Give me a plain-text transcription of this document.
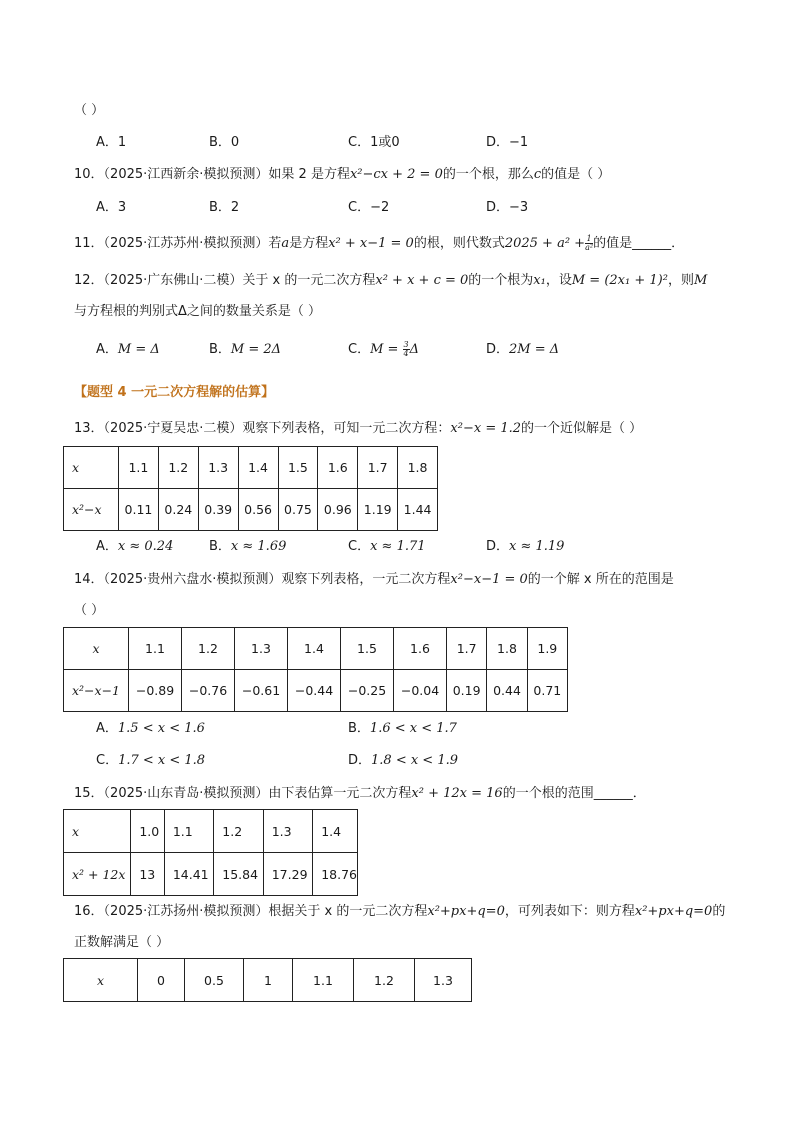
（ ）
A．1	B．0	C．1或0	D．−1
10．（2025·江西新余·模拟预测）如果 2 是方程x²−cx + 2 = 0的一个根，那么c的值是（ ）
A．3	B．2	C．−2	D．−3
11．（2025·江苏苏州·模拟预测）若a是方程x² + x−1 = 0的根，则代数式$2025 + a^2 + \frac{1}{\text{a²}}$ 的值是______．
12．（2025·广东佛山·二模）关于 x 的一元二次方程x² + x + c = 0的一个根为x₁，设M = (2x₁ + 1)²，则M
与方程根的判别式Δ之间的数量关系是（ ）
A．M = Δ	B．M = 2Δ	C．$M = \frac{3}{4}$ Δ	D．2M = Δ
【题型 4 一元二次方程解的估算】
13．（2025·宁夏吴忠·二模）观察下列表格，可知一元二次方程：x²−x = 1.2的一个近似解是（ ）
x	1.1	1.2	1.3	1.4	1.5	1.6	1.7	1.8
x²−x	0.11	0.24	0.39	0.56	0.75	0.96	1.19	1.44
A．x ≈ 0.24	B．x ≈ 1.69	C．x ≈ 1.71	D．x ≈ 1.19
14．（2025·贵州六盘水·模拟预测）观察下列表格，一元二次方程x²−x−1 = 0的一个解 x 所在的范围是
（ ）
x	1.1	1.2	1.3	1.4	1.5	1.6	1.7	1.8	1.9
x²−x−1	−0.89	−0.76	−0.61	−0.44	−0.25	−0.04	0.19	0.44	0.71
A．1.5 < x < 1.6	B．1.6 < x < 1.7
C．1.7 < x < 1.8	D．1.8 < x < 1.9
15．（2025·山东青岛·模拟预测）由下表估算一元二次方程x² + 12x = 16的一个根的范围______．
x	1.0	1.1	1.2	1.3	1.4
x² + 12x	13	14.41	15.84	17.29	18.76
16．（2025·江苏扬州·模拟预测）根据关于 x 的一元二次方程x²+px+q=0，可列表如下：则方程x²+px+q=0的
正数解满足（ ）
x	0	0.5	1	1.1	1.2	1.3
